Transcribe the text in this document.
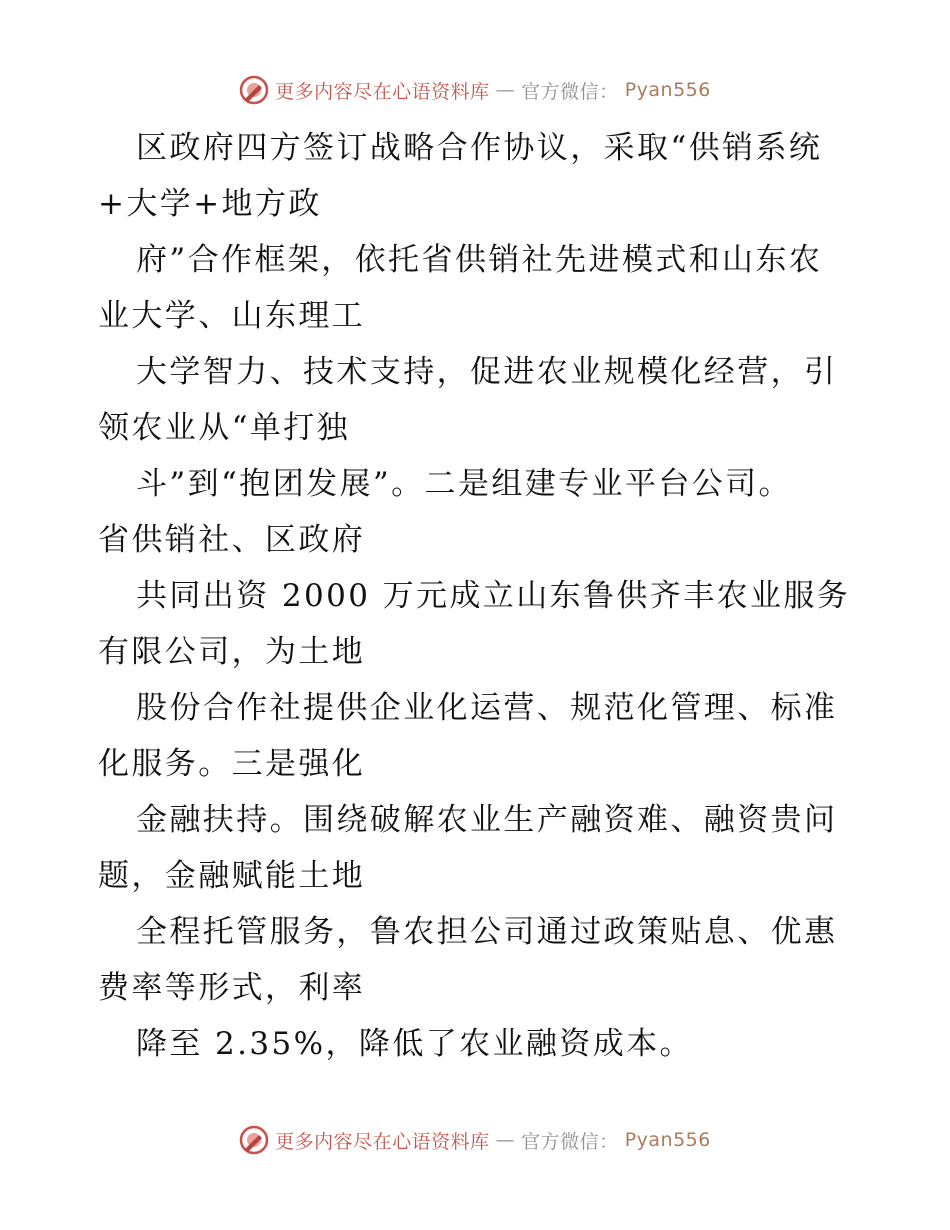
更多内容尽在心语资料库 — 官方微信： Pyan556
区政府四方签订战略合作协议，采取“供销系统
+大学+地方政
府”合作框架，依托省供销社先进模式和山东农
业大学、山东理工
大学智力、技术支持，促进农业规模化经营，引
领农业从“单打独
斗”到“抱团发展”。二是组建专业平台公司。
省供销社、区政府
共同出资 2000 万元成立山东鲁供齐丰农业服务
有限公司，为土地
股份合作社提供企业化运营、规范化管理、标准
化服务。三是强化
金融扶持。围绕破解农业生产融资难、融资贵问
题，金融赋能土地
全程托管服务，鲁农担公司通过政策贴息、优惠
费率等形式，利率
降至 2.35%，降低了农业融资成本。
更多内容尽在心语资料库 — 官方微信： Pyan556
